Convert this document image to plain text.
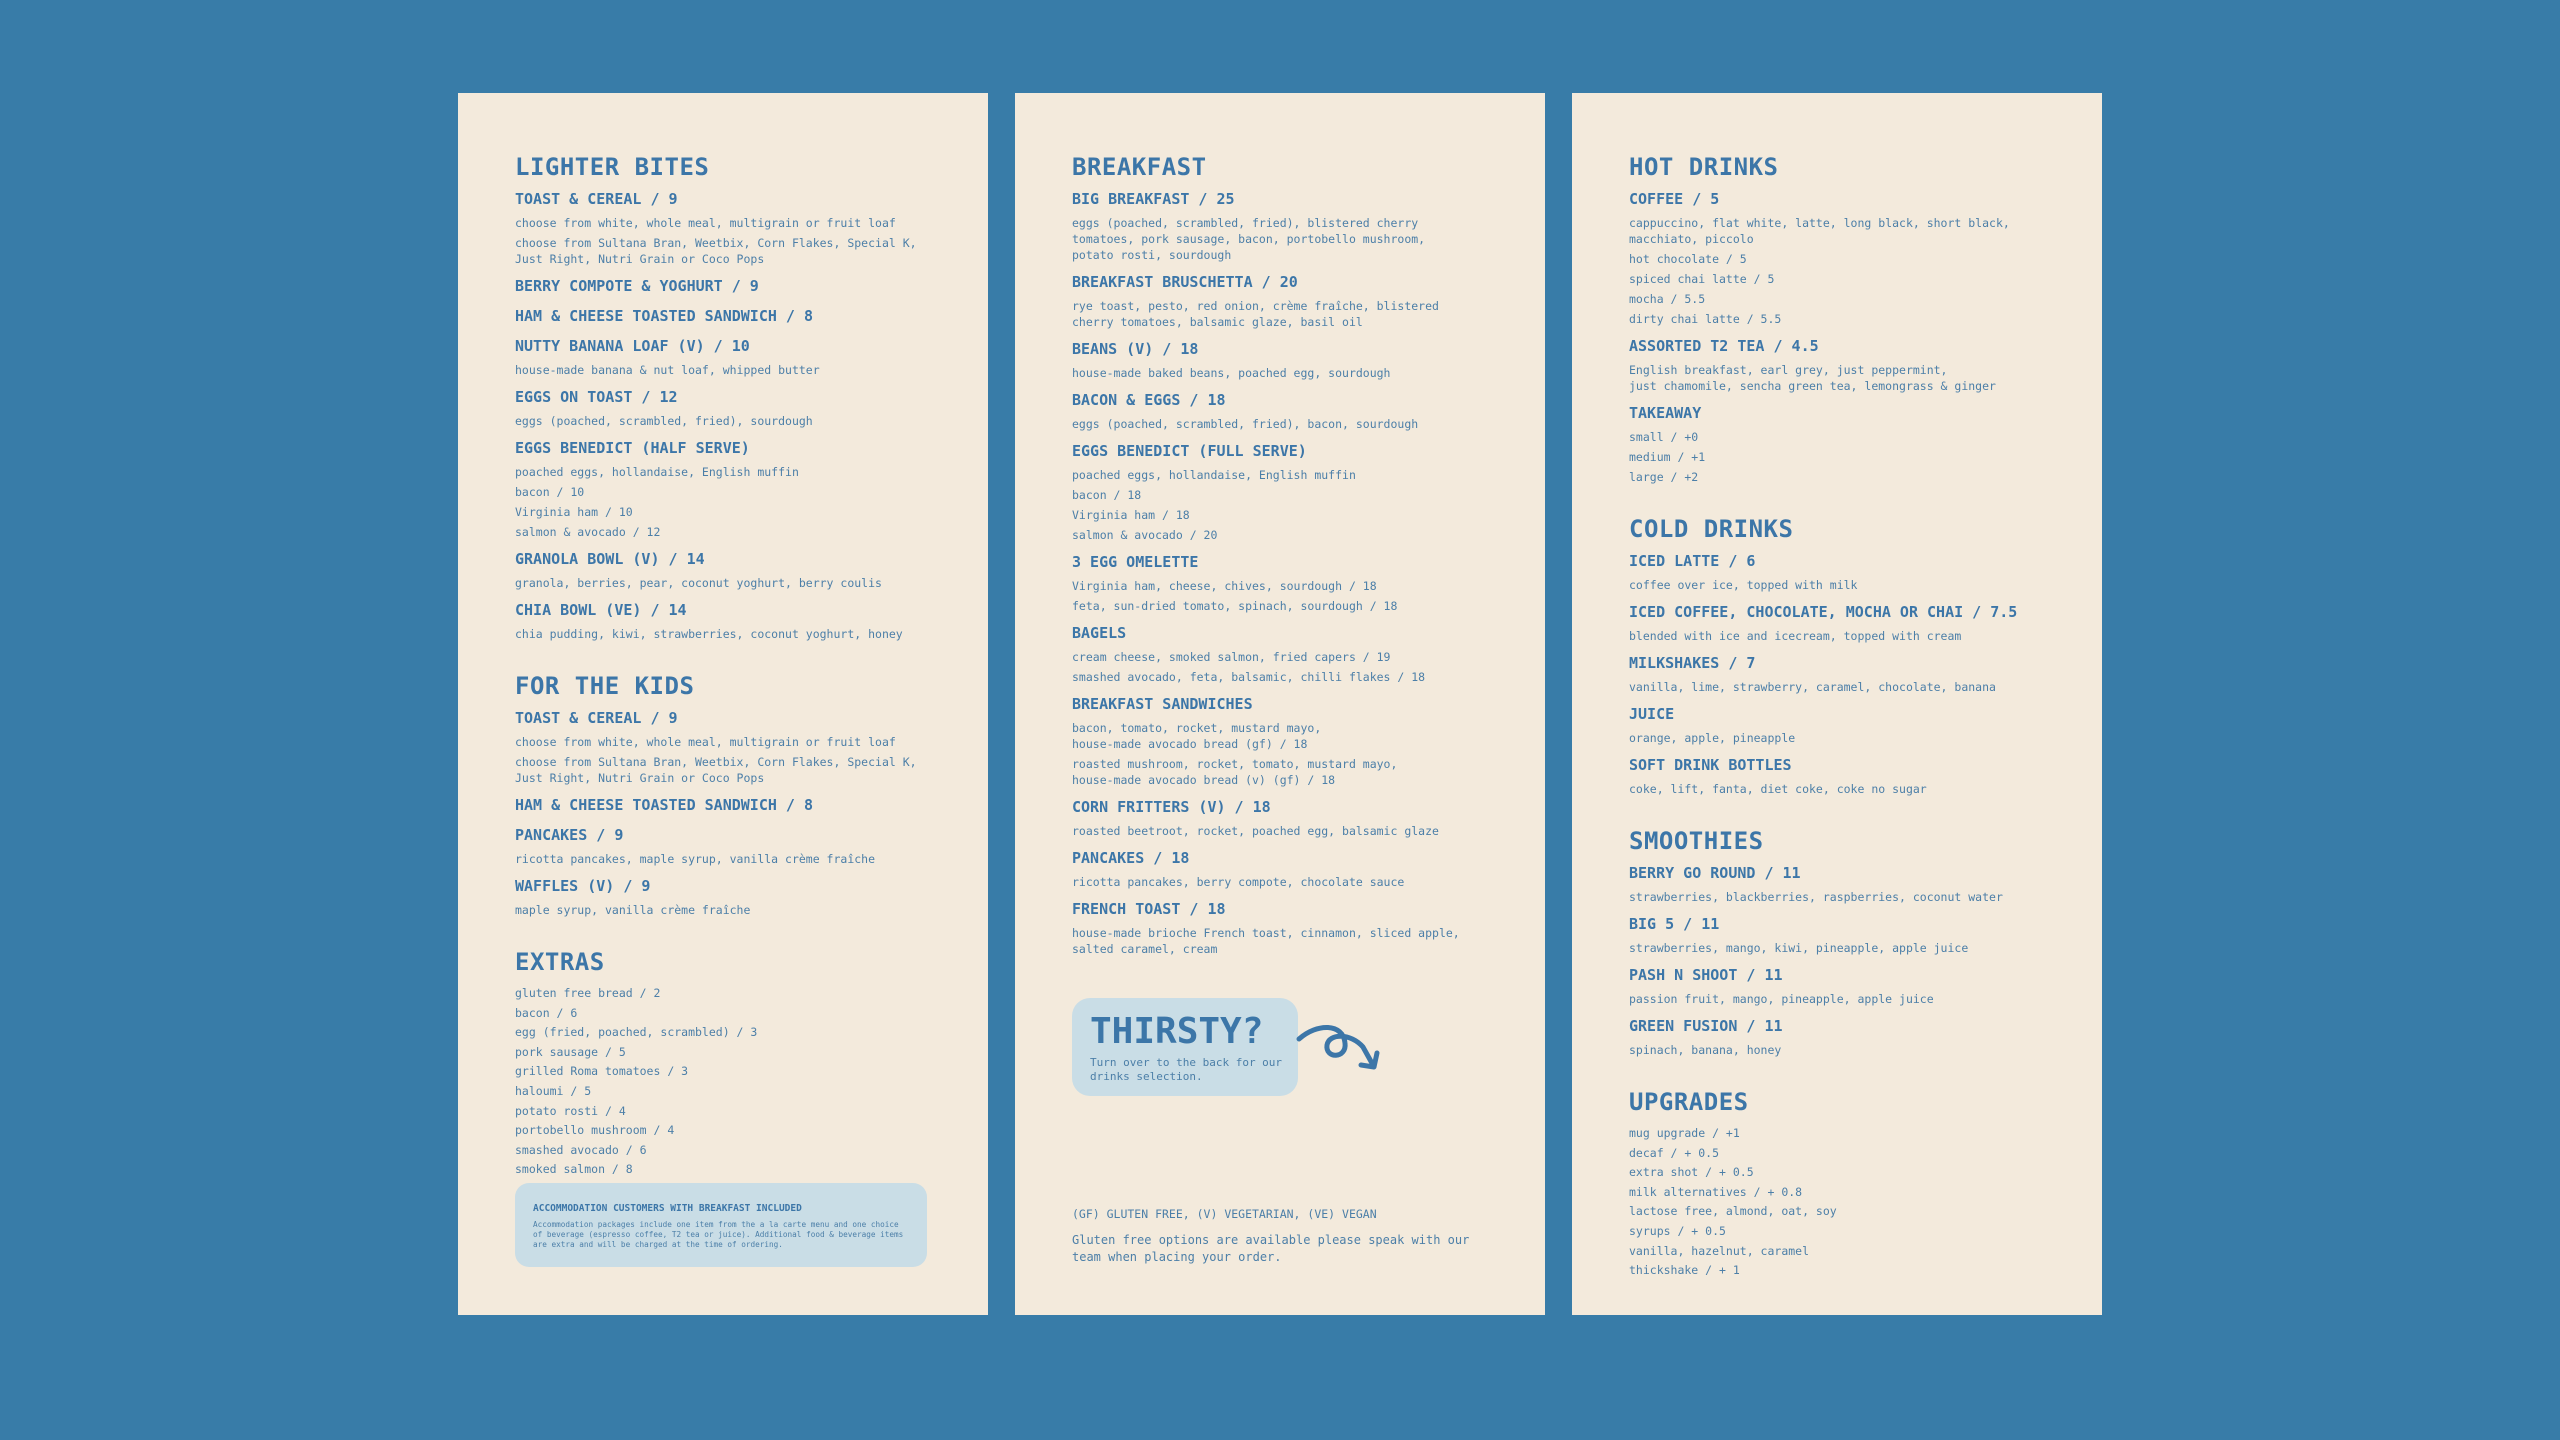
LIGHTER BITES
TOAST & CEREAL / 9
choose from white, whole meal, multigrain or fruit loaf
choose from Sultana Bran, Weetbix, Corn Flakes, Special K,
Just Right, Nutri Grain or Coco Pops
BERRY COMPOTE & YOGHURT / 9
HAM & CHEESE TOASTED SANDWICH / 8
NUTTY BANANA LOAF (V) / 10
house-made banana & nut loaf, whipped butter
EGGS ON TOAST / 12
eggs (poached, scrambled, fried), sourdough
EGGS BENEDICT (HALF SERVE)
poached eggs, hollandaise, English muffin
bacon / 10
Virginia ham / 10
salmon & avocado / 12
GRANOLA BOWL (V) / 14
granola, berries, pear, coconut yoghurt, berry coulis
CHIA BOWL (VE) / 14
chia pudding, kiwi, strawberries, coconut yoghurt, honey
FOR THE KIDS
TOAST & CEREAL / 9
choose from white, whole meal, multigrain or fruit loaf
choose from Sultana Bran, Weetbix, Corn Flakes, Special K,
Just Right, Nutri Grain or Coco Pops
HAM & CHEESE TOASTED SANDWICH / 8
PANCAKES / 9
ricotta pancakes, maple syrup, vanilla crème fraîche
WAFFLES (V) / 9
maple syrup, vanilla crème fraîche
EXTRAS
gluten free bread / 2
bacon / 6
egg (fried, poached, scrambled) / 3
pork sausage / 5
grilled Roma tomatoes / 3
haloumi / 5
potato rosti / 4
portobello mushroom / 4
smashed avocado / 6
smoked salmon / 8
ACCOMMODATION CUSTOMERS WITH BREAKFAST INCLUDED
Accommodation packages include one item from the a la carte menu and one choice of beverage (espresso coffee, T2 tea or juice). Additional food & beverage items are extra and will be charged at the time of ordering.
BREAKFAST
BIG BREAKFAST / 25
eggs (poached, scrambled, fried), blistered cherry
tomatoes, pork sausage, bacon, portobello mushroom,
potato rosti, sourdough
BREAKFAST BRUSCHETTA / 20
rye toast, pesto, red onion, crème fraîche, blistered
cherry tomatoes, balsamic glaze, basil oil
BEANS (V) / 18
house-made baked beans, poached egg, sourdough
BACON & EGGS / 18
eggs (poached, scrambled, fried), bacon, sourdough
EGGS BENEDICT (FULL SERVE)
poached eggs, hollandaise, English muffin
bacon / 18
Virginia ham / 18
salmon & avocado / 20
3 EGG OMELETTE
Virginia ham, cheese, chives, sourdough / 18
feta, sun-dried tomato, spinach, sourdough / 18
BAGELS
cream cheese, smoked salmon, fried capers / 19
smashed avocado, feta, balsamic, chilli flakes / 18
BREAKFAST SANDWICHES
bacon, tomato, rocket, mustard mayo,
house-made avocado bread (gf) / 18
roasted mushroom, rocket, tomato, mustard mayo,
house-made avocado bread (v) (gf) / 18
CORN FRITTERS (V) / 18
roasted beetroot, rocket, poached egg, balsamic glaze
PANCAKES / 18
ricotta pancakes, berry compote, chocolate sauce
FRENCH TOAST / 18
house-made brioche French toast, cinnamon, sliced apple,
salted caramel, cream
THIRSTY?
Turn over to the back for our
drinks selection.
(GF) GLUTEN FREE, (V) VEGETARIAN, (VE) VEGAN
Gluten free options are available please speak with our
team when placing your order.
HOT DRINKS
COFFEE / 5
cappuccino, flat white, latte, long black, short black,
macchiato, piccolo
hot chocolate / 5
spiced chai latte / 5
mocha / 5.5
dirty chai latte / 5.5
ASSORTED T2 TEA / 4.5
English breakfast, earl grey, just peppermint,
just chamomile, sencha green tea, lemongrass & ginger
TAKEAWAY
small / +0
medium / +1
large / +2
COLD DRINKS
ICED LATTE / 6
coffee over ice, topped with milk
ICED COFFEE, CHOCOLATE, MOCHA OR CHAI / 7.5
blended with ice and icecream, topped with cream
MILKSHAKES / 7
vanilla, lime, strawberry, caramel, chocolate, banana
JUICE
orange, apple, pineapple
SOFT DRINK BOTTLES
coke, lift, fanta, diet coke, coke no sugar
SMOOTHIES
BERRY GO ROUND / 11
strawberries, blackberries, raspberries, coconut water
BIG 5 / 11
strawberries, mango, kiwi, pineapple, apple juice
PASH N SHOOT / 11
passion fruit, mango, pineapple, apple juice
GREEN FUSION / 11
spinach, banana, honey
UPGRADES
mug upgrade / +1
decaf / + 0.5
extra shot / + 0.5
milk alternatives / + 0.8
lactose free, almond, oat, soy
syrups / + 0.5
vanilla, hazelnut, caramel
thickshake / + 1
